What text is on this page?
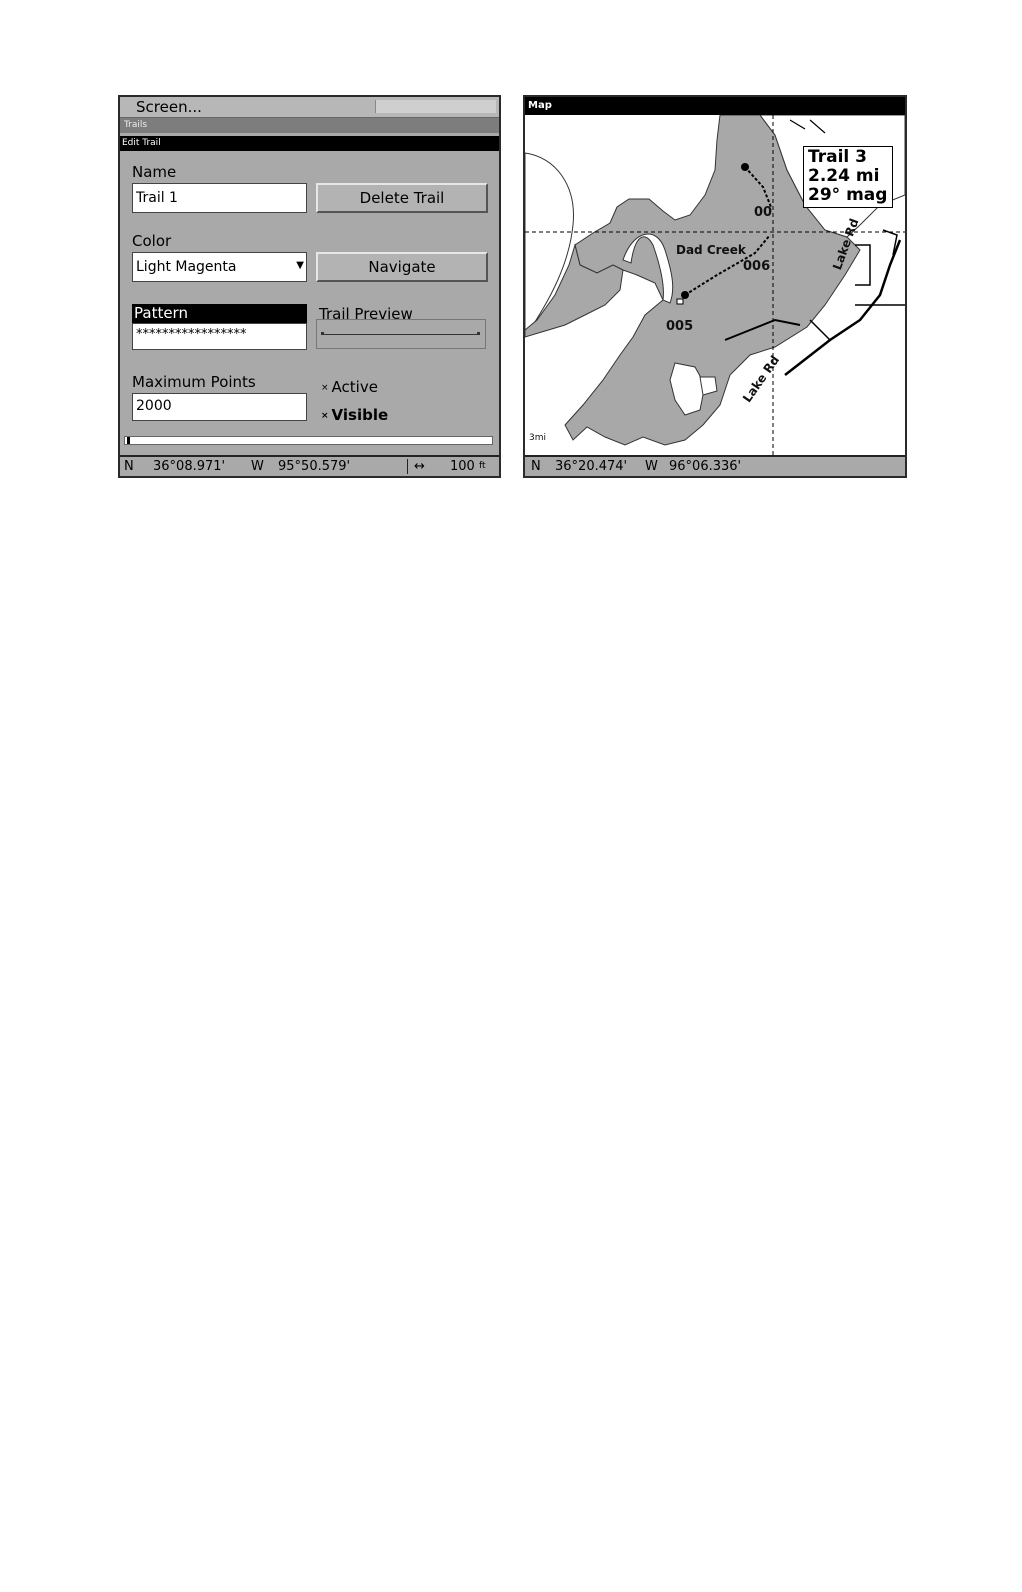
Screen...
Trails
Edit Trail
Name
Trail 1	Delete Trail
Color
Light Magenta	▼	Navigate
Pattern
*****************
Trail Preview
Maximum Points
2000
× Active
× Visible
N 36°08.971' W 95°50.579'	↔ 100 ft
Map
Trail 3
2.24 mi
29° mag
Dad Creek
006
005
00
Lake Rd
Lake Rd
3mi
N 36°20.474' W 96°06.336'
